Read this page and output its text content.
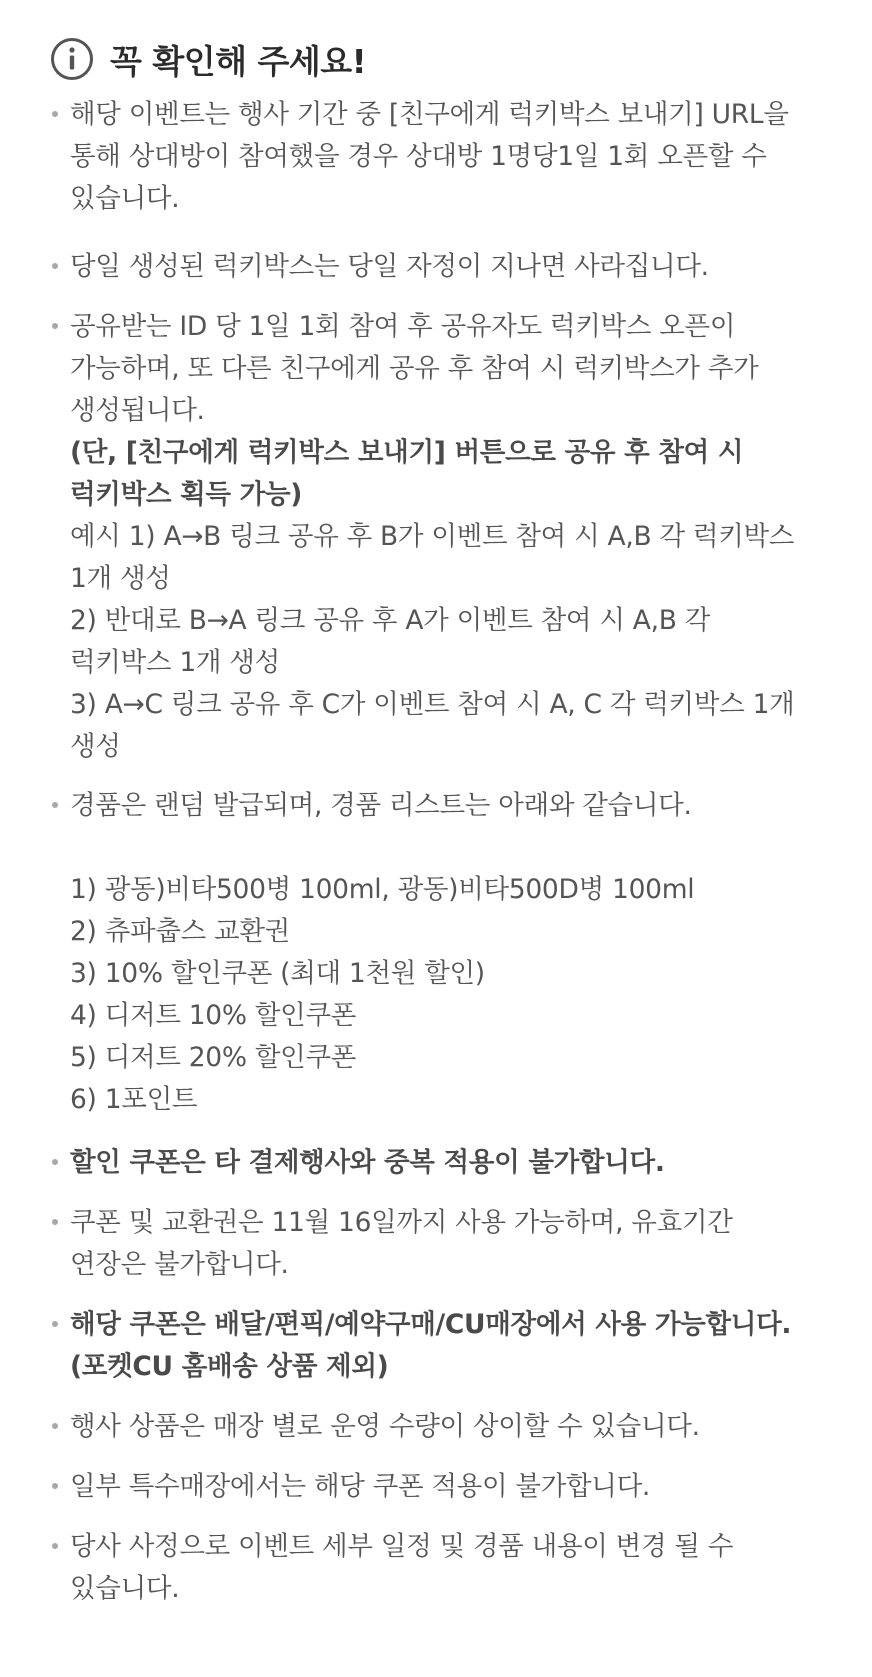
꼭 확인해 주세요!
해당 이벤트는 행사 기간 중 [친구에게 럭키박스 보내기] URL을
통해 상대방이 참여했을 경우 상대방 1명당1일 1회 오픈할 수
있습니다.
당일 생성된 럭키박스는 당일 자정이 지나면 사라집니다.
공유받는 ID 당 1일 1회 참여 후 공유자도 럭키박스 오픈이
가능하며, 또 다른 친구에게 공유 후 참여 시 럭키박스가 추가
생성됩니다.
(단, [친구에게 럭키박스 보내기] 버튼으로 공유 후 참여 시
럭키박스 획득 가능)
예시 1) A→B 링크 공유 후 B가 이벤트 참여 시 A,B 각 럭키박스
1개 생성
2) 반대로 B→A 링크 공유 후 A가 이벤트 참여 시 A,B 각
럭키박스 1개 생성
3) A→C 링크 공유 후 C가 이벤트 참여 시 A, C 각 럭키박스 1개
생성
경품은 랜덤 발급되며, 경품 리스트는 아래와 같습니다.
1) 광동)비타500병 100ml, 광동)비타500D병 100ml
2) 츄파춥스 교환권
3) 10% 할인쿠폰 (최대 1천원 할인)
4) 디저트 10% 할인쿠폰
5) 디저트 20% 할인쿠폰
6) 1포인트
할인 쿠폰은 타 결제행사와 중복 적용이 불가합니다.
쿠폰 및 교환권은 11월 16일까지 사용 가능하며, 유효기간
연장은 불가합니다.
해당 쿠폰은 배달/편픽/예약구매/CU매장에서 사용 가능합니다.
(포켓CU 홈배송 상품 제외)
행사 상품은 매장 별로 운영 수량이 상이할 수 있습니다.
일부 특수매장에서는 해당 쿠폰 적용이 불가합니다.
당사 사정으로 이벤트 세부 일정 및 경품 내용이 변경 될 수
있습니다.
